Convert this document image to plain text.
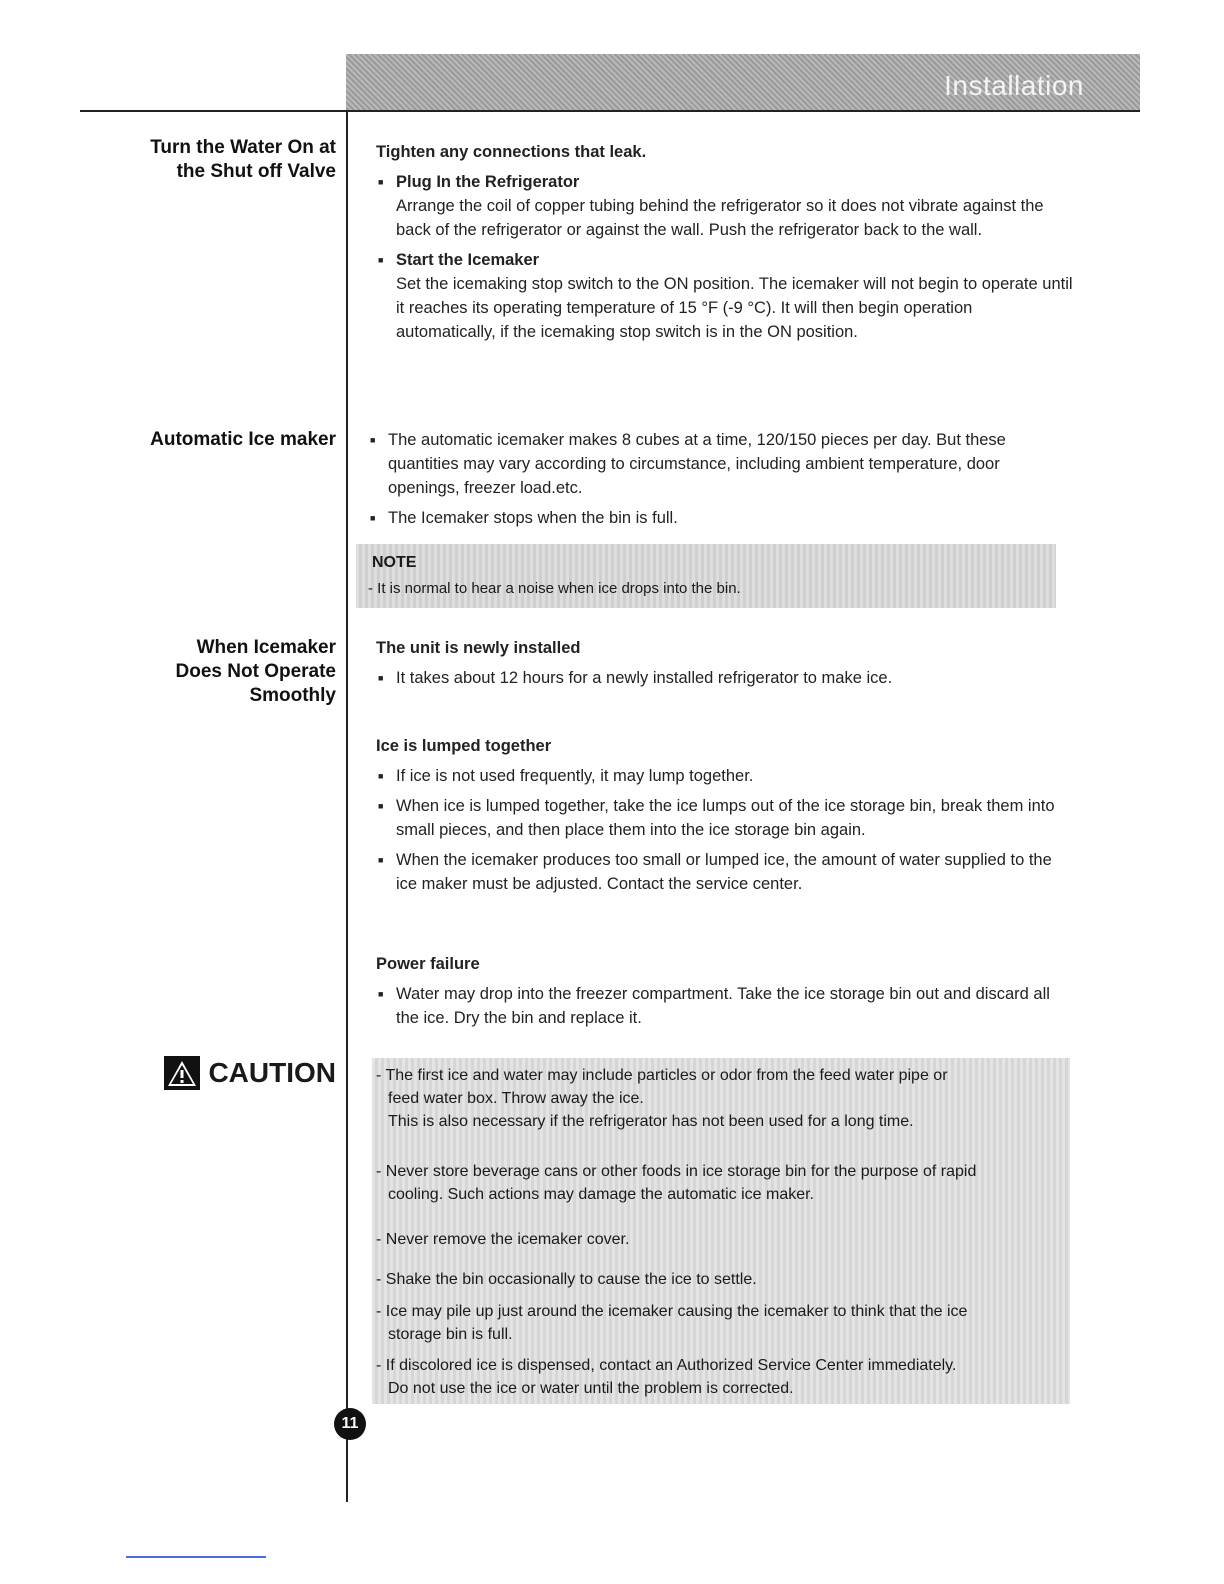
Installation
Turn the Water On at
the Shut off Valve
Tighten any connections that leak.
■ Plug In the Refrigerator
Arrange the coil of copper tubing behind the refrigerator so it does not vibrate against the back of the refrigerator or against the wall. Push the refrigerator back to the wall.
■ Start the Icemaker
Set the icemaking stop switch to the ON position. The icemaker will not begin to operate until it reaches its operating temperature of 15 °F (-9 °C). It will then begin operation automatically, if the icemaking stop switch is in the ON position.
Automatic Ice maker
■	The automatic icemaker makes 8 cubes at a time, 120/150 pieces per day. But these quantities may vary according to circumstance, including ambient temperature, door openings, freezer load.etc.
■ The Icemaker stops when the bin is full.
NOTE
- It is normal to hear a noise when ice drops into the bin.
When Icemaker
Does Not Operate
Smoothly
The unit is newly installed
■ It takes about 12 hours for a newly installed refrigerator to make ice.
Ice is lumped together
■ If ice is not used frequently, it may lump together.
■ When ice is lumped together, take the ice lumps out of the ice storage bin, break them into small pieces, and then place them into the ice storage bin again.
■ When the icemaker produces too small or lumped ice, the amount of water supplied to the ice maker must be adjusted. Contact the service center.
Power failure
■ Water may drop into the freezer compartment. Take the ice storage bin out and discard all the ice. Dry the bin and replace it.
CAUTION	- The first ice and water may include particles or odor from the feed water pipe or
feed water box. Throw away the ice.
This is also necessary if the refrigerator has not been used for a long time.
- Never store beverage cans or other foods in ice storage bin for the purpose of rapid
cooling. Such actions may damage the automatic ice maker.
- Never remove the icemaker cover.
- Shake the bin occasionally to cause the ice to settle.
- Ice may pile up just around the icemaker causing the icemaker to think that the ice
storage bin is full.
- If discolored ice is dispensed, contact an Authorized Service Center immediately.
Do not use the ice or water until the problem is corrected.
11
